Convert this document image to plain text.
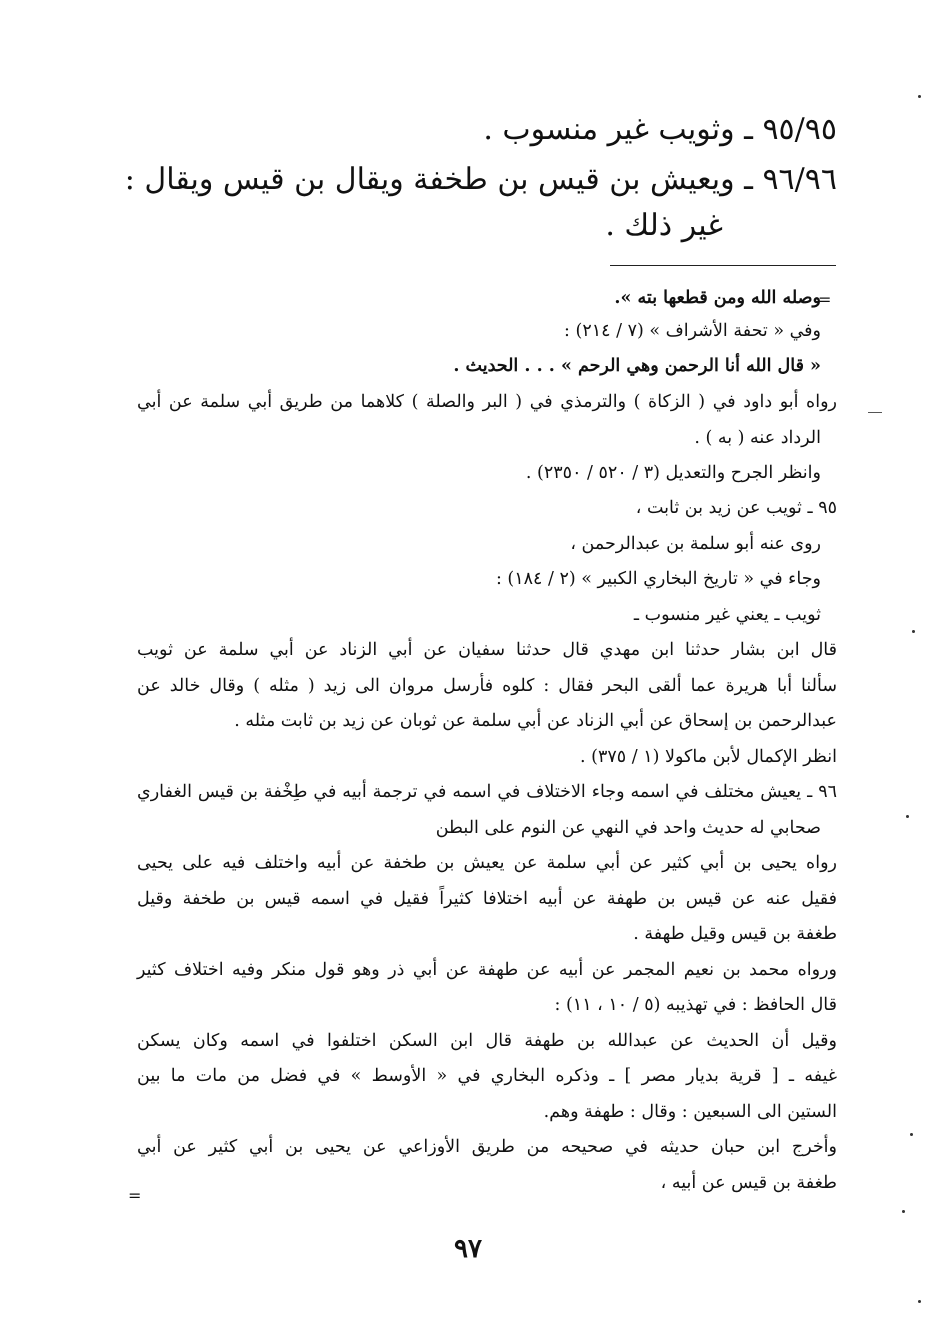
٩٥/٩٥ ـ وثويب غير منسوب .
٩٦/٩٦ ـ ويعيش بن قيس بن طخفة ويقال بن قيس ويقال :
غير ذلك .
=
وصله الله ومن قطعها بته ».
وفي « تحفة الأشراف » (٧ / ٢١٤) :
« قال الله أنا الرحمن وهي الرحم » . . . الحديث .
رواه أبو داود في ( الزكاة ) والترمذي في ( البر والصلة ) كلاهما من طريق أبي سلمة عن أبي
الرداد عنه ( به ) .
وانظر الجرح والتعديل (٣ / ٥٢٠ / ٢٣٥٠) .
٩٥ ـ ثويب عن زيد بن ثابت ،
روى عنه أبو سلمة بن عبدالرحمن ،
وجاء في « تاريخ البخاري الكبير » (٢ / ١٨٤) :
ثويب ـ يعني غير منسوب ـ
قال ابن بشار حدثنا ابن مهدي قال حدثنا سفيان عن أبي الزناد عن أبي سلمة عن ثويب
سألنا أبا هريرة عما ألقى البحر فقال : كلوه فأرسل مروان الى زيد ( مثله ) وقال خالد عن
عبدالرحمن بن إسحاق عن أبي الزناد عن أبي سلمة عن ثوبان عن زيد بن ثابت مثله .
انظر الإكمال لأبن ماكولا (١ / ٣٧٥) .
٩٦ ـ يعيش مختلف في اسمه وجاء الاختلاف في اسمه في ترجمة أبيه في طِخْفة بن قيس الغفاري
صحابي له حديث واحد في النهي عن النوم على البطن
رواه يحيى بن أبي كثير عن أبي سلمة عن يعيش بن طخفة عن أبيه واختلف فيه على يحيى
فقيل عنه عن قيس بن طهفة عن أبيه اختلافا كثيراً فقيل في اسمه قيس بن طخفة وقيل
طغفة بن قيس وقيل طهفة .
ورواه محمد بن نعيم المجمر عن أبيه عن طهفة عن أبي ذر وهو قول منكر وفيه اختلاف كثير
قال الحافظ : في تهذيبه (٥ / ١٠ ، ١١) :
وقيل أن الحديث عن عبدالله بن طهفة قال ابن السكن اختلفوا في اسمه وكان يسكن
غيفه ـ [ قرية بديار مصر ] ـ وذكره البخاري في « الأوسط » في فضل من مات ما بين
الستين الى السبعين : وقال : طهفة وهم.
وأخرج ابن حبان حديثه في صحيحه من طريق الأوزاعي عن يحيى بن أبي كثير عن أبي
طغفة بن قيس عن أبيه ،
=
٩٧
